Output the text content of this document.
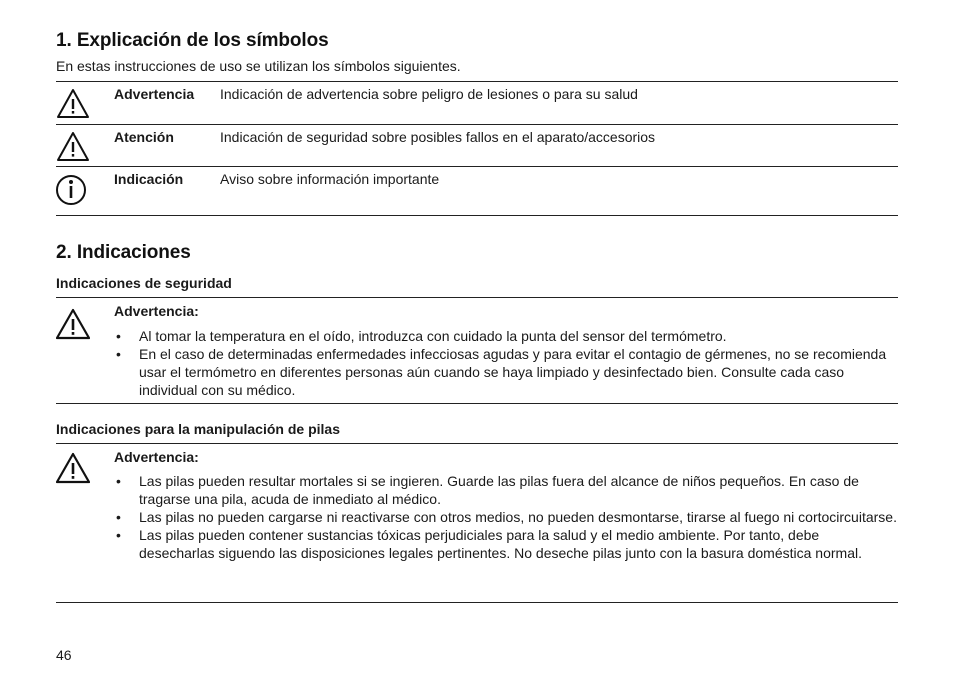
1. Explicación de los símbolos

En estas instrucciones de uso se utilizan los símbolos siguientes.

Advertencia Indicación de advertencia sobre peligro de lesiones o para su salud
Atención	Indicación de seguridad sobre posibles fallos en el aparato/accesorios
Indicación	Aviso sobre información importante
2. Indicaciones

Indicaciones de seguridad

Advertencia:
• Al tomar la temperatura en el oído, introduzca con cuidado la punta del sensor del termómetro.
• En el caso de determinadas enfermedades infecciosas agudas y para evitar el contagio de gérmenes, no se recomienda usar el termómetro en diferentes personas aún cuando se haya limpiado y desinfectado bien. Consulte cada caso individual con su médico.

Indicaciones para la manipulación de pilas

Advertencia:
• Las pilas pueden resultar mortales si se ingieren. Guarde las pilas fuera del alcance de niños pequeños. En caso de tragarse una pila, acuda de inmediato al médico.
• Las pilas no pueden cargarse ni reactivarse con otros medios, no pueden desmontarse, tirarse al fuego ni cortocircuitarse.
• Las pilas pueden contener sustancias tóxicas perjudiciales para la salud y el medio ambiente. Por tanto, debe desecharlas siguendo las disposiciones legales pertinentes. No deseche pilas junto con la basura doméstica normal.
46
